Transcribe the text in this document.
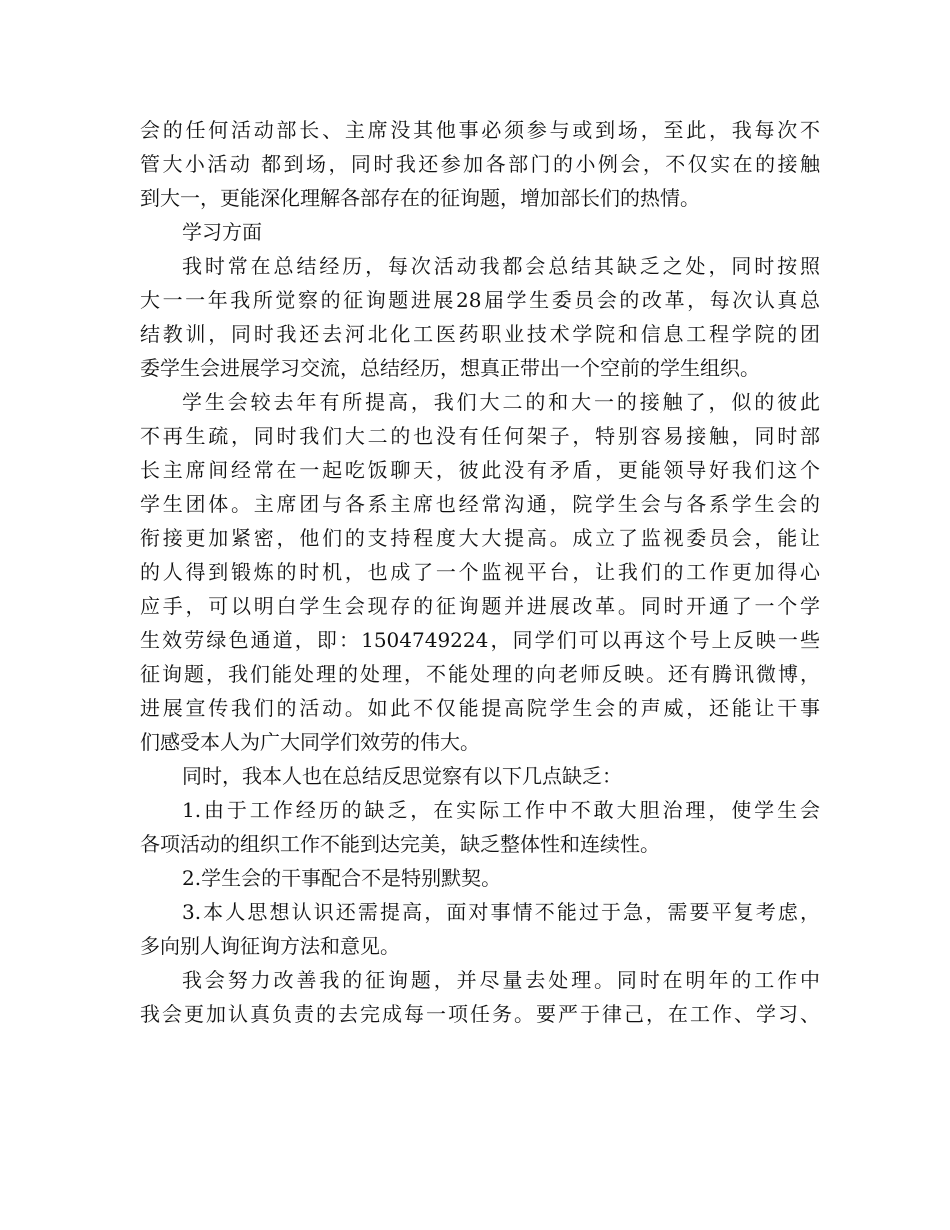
会的任何活动部长、主席没其他事必须参与或到场，至此，我每次不
管大小活动 都到场，同时我还参加各部门的小例会，不仅实在的接触
到大一，更能深化理解各部存在的征询题，增加部长们的热情。
学习方面
我时常在总结经历，每次活动我都会总结其缺乏之处，同时按照
大一一年我所觉察的征询题进展28届学生委员会的改革，每次认真总
结教训，同时我还去河北化工医药职业技术学院和信息工程学院的团
委学生会进展学习交流，总结经历，想真正带出一个空前的学生组织。
学生会较去年有所提高，我们大二的和大一的接触了，似的彼此
不再生疏，同时我们大二的也没有任何架子，特别容易接触，同时部
长主席间经常在一起吃饭聊天，彼此没有矛盾，更能领导好我们这个
学生团体。主席团与各系主席也经常沟通，院学生会与各系学生会的
衔接更加紧密，他们的支持程度大大提高。成立了监视委员会，能让
的人得到锻炼的时机，也成了一个监视平台，让我们的工作更加得心
应手，可以明白学生会现存的征询题并进展改革。同时开通了一个学
生效劳绿色通道，即：1504749224，同学们可以再这个号上反映一些
征询题，我们能处理的处理，不能处理的向老师反映。还有腾讯微博，
进展宣传我们的活动。如此不仅能提高院学生会的声威，还能让干事
们感受本人为广大同学们效劳的伟大。
同时，我本人也在总结反思觉察有以下几点缺乏：
1.由于工作经历的缺乏，在实际工作中不敢大胆治理，使学生会
各项活动的组织工作不能到达完美，缺乏整体性和连续性。
2.学生会的干事配合不是特别默契。
3.本人思想认识还需提高，面对事情不能过于急，需要平复考虑，
多向别人询征询方法和意见。
我会努力改善我的征询题，并尽量去处理。同时在明年的工作中
我会更加认真负责的去完成每一项任务。要严于律己，在工作、学习、
